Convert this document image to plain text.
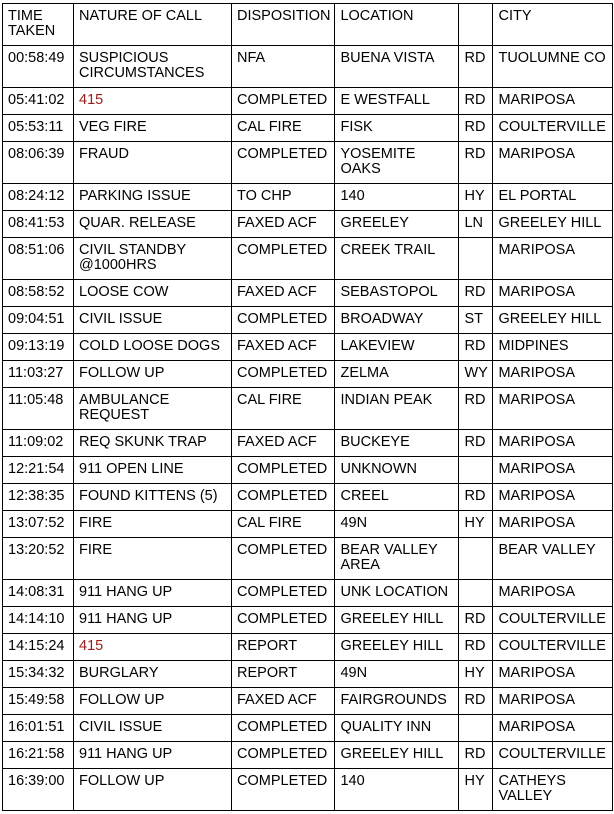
TIME TAKEN	NATURE OF CALL	DISPOSITION	LOCATION		CITY
00:58:49	SUSPICIOUS CIRCUMSTANCES	NFA	BUENA VISTA	RD	TUOLUMNE CO
05:41:02	415	COMPLETED	E WESTFALL	RD	MARIPOSA
05:53:11	VEG FIRE	CAL FIRE	FISK	RD	COULTERVILLE
08:06:39	FRAUD	COMPLETED	YOSEMITE OAKS	RD	MARIPOSA
08:24:12	PARKING ISSUE	TO CHP	140	HY	EL PORTAL
08:41:53	QUAR. RELEASE	FAXED ACF	GREELEY	LN	GREELEY HILL
08:51:06	CIVIL STANDBY @1000HRS	COMPLETED	CREEK TRAIL		MARIPOSA
08:58:52	LOOSE COW	FAXED ACF	SEBASTOPOL	RD	MARIPOSA
09:04:51	CIVIL ISSUE	COMPLETED	BROADWAY	ST	GREELEY HILL
09:13:19	COLD LOOSE DOGS	FAXED ACF	LAKEVIEW	RD	MIDPINES
11:03:27	FOLLOW UP	COMPLETED	ZELMA	WY	MARIPOSA
11:05:48	AMBULANCE REQUEST	CAL FIRE	INDIAN PEAK	RD	MARIPOSA
11:09:02	REQ SKUNK TRAP	FAXED ACF	BUCKEYE	RD	MARIPOSA
12:21:54	911 OPEN LINE	COMPLETED	UNKNOWN		MARIPOSA
12:38:35	FOUND KITTENS (5)	COMPLETED	CREEL	RD	MARIPOSA
13:07:52	FIRE	CAL FIRE	49N	HY	MARIPOSA
13:20:52	FIRE	COMPLETED	BEAR VALLEY AREA		BEAR VALLEY
14:08:31	911 HANG UP	COMPLETED	UNK LOCATION		MARIPOSA
14:14:10	911 HANG UP	COMPLETED	GREELEY HILL	RD	COULTERVILLE
14:15:24	415	REPORT	GREELEY HILL	RD	COULTERVILLE
15:34:32	BURGLARY	REPORT	49N	HY	MARIPOSA
15:49:58	FOLLOW UP	FAXED ACF	FAIRGROUNDS	RD	MARIPOSA
16:01:51	CIVIL ISSUE	COMPLETED	QUALITY INN		MARIPOSA
16:21:58	911 HANG UP	COMPLETED	GREELEY HILL	RD	COULTERVILLE
16:39:00	FOLLOW UP	COMPLETED	140	HY	CATHEYS VALLEY
